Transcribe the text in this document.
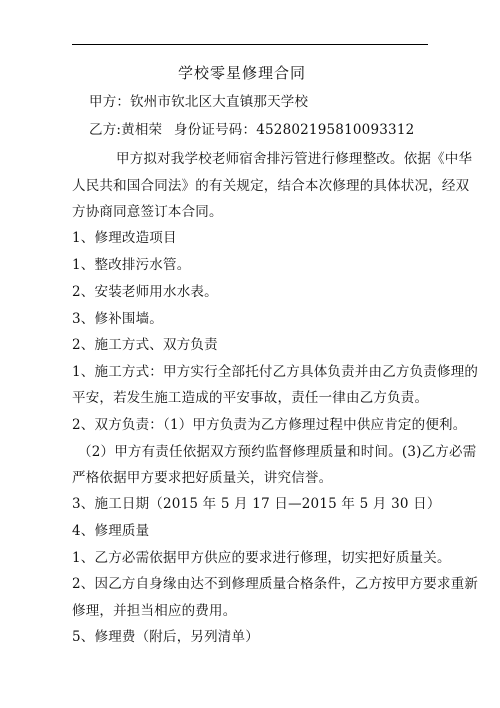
学校零星修理合同
甲方：钦州市钦北区大直镇那天学校
乙方:黄相荣 身份证号码：452802195810093312
甲方拟对我学校老师宿舍排污管进行修理整改。依据《中华
人民共和国合同法》的有关规定，结合本次修理的具体状况，经双
方协商同意签订本合同。
1、修理改造项目
1、整改排污水管。
2、安装老师用水水表。
3、修补围墙。
2、施工方式、双方负责
1、施工方式：甲方实行全部托付乙方具体负责并由乙方负责修理的
平安，若发生施工造成的平安事故，责任一律由乙方负责。
2、双方负责：（1）甲方负责为乙方修理过程中供应肯定的便利。
（2）甲方有责任依据双方预约监督修理质量和时间。(3)乙方必需
严格依据甲方要求把好质量关，讲究信誉。
3、施工日期（2015 年 5 月 17 日—2015 年 5 月 30 日）
4、修理质量
1、乙方必需依据甲方供应的要求进行修理，切实把好质量关。
2、因乙方自身缘由达不到修理质量合格条件，乙方按甲方要求重新
修理，并担当相应的费用。
5、修理费（附后，另列清单）
